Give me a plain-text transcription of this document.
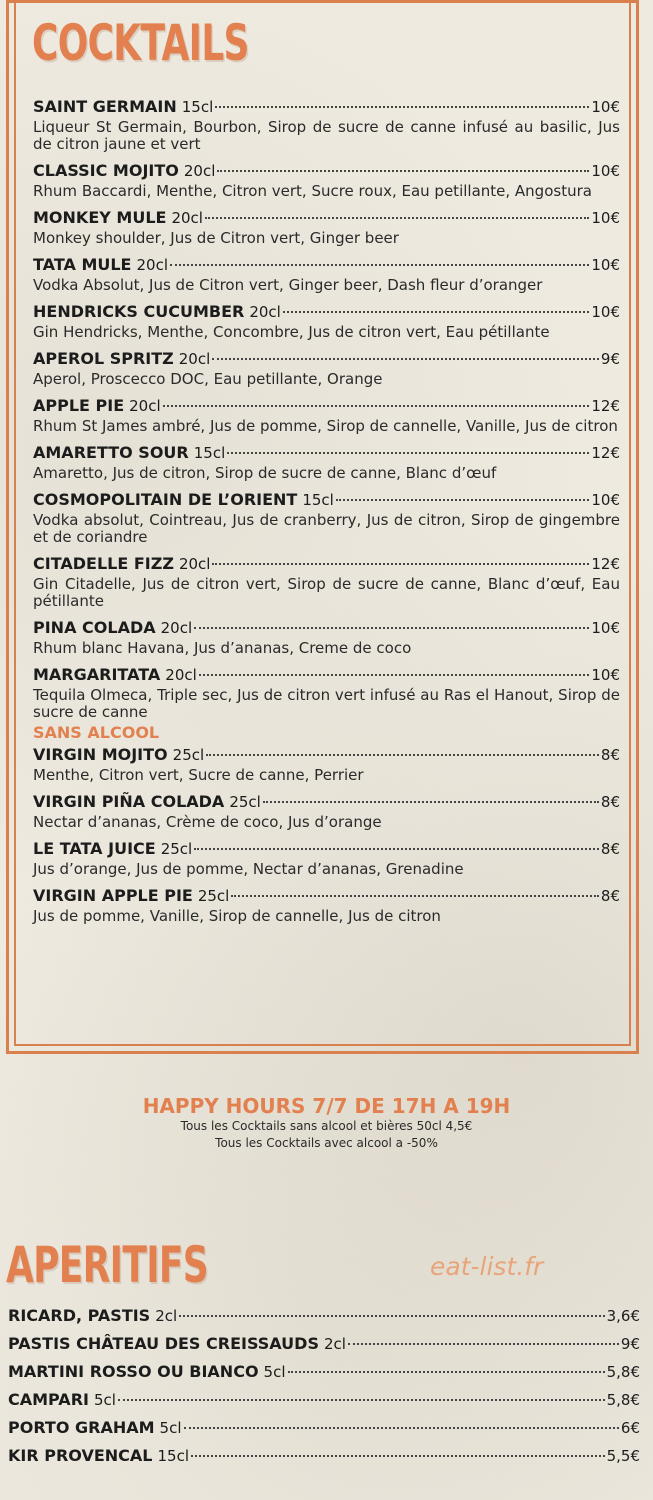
COCKTAILS
SAINT GERMAIN 15cl	10€
Liqueur St Germain, Bourbon, Sirop de sucre de canne infusé au basilic, Jus de citron jaune et vert
CLASSIC MOJITO 20cl	10€
Rhum Baccardi, Menthe, Citron vert, Sucre roux, Eau petillante, Angostura
MONKEY MULE 20cl	10€
Monkey shoulder, Jus de Citron vert, Ginger beer
TATA MULE 20cl	10€
Vodka Absolut, Jus de Citron vert, Ginger beer, Dash fleur d’oranger
HENDRICKS CUCUMBER 20cl	10€
Gin Hendricks, Menthe, Concombre, Jus de citron vert, Eau pétillante
APEROL SPRITZ 20cl	9€
Aperol, Proscecco DOC, Eau petillante, Orange
APPLE PIE 20cl	12€
Rhum St James ambré, Jus de pomme, Sirop de cannelle, Vanille, Jus de citron
AMARETTO SOUR 15cl	12€
Amaretto, Jus de citron, Sirop de sucre de canne, Blanc d’œuf
COSMOPOLITAIN DE L’ORIENT 15cl	10€
Vodka absolut, Cointreau, Jus de cranberry, Jus de citron, Sirop de gingembre et de coriandre
CITADELLE FIZZ 20cl	12€
Gin Citadelle, Jus de citron vert, Sirop de sucre de canne, Blanc d’œuf, Eau pétillante
PINA COLADA 20cl	10€
Rhum blanc Havana, Jus d’ananas, Creme de coco
MARGARITATA 20cl	10€
Tequila Olmeca, Triple sec, Jus de citron vert infusé au Ras el Hanout, Sirop de sucre de canne
SANS ALCOOL
VIRGIN MOJITO 25cl	8€
Menthe, Citron vert, Sucre de canne, Perrier
VIRGIN PIÑA COLADA 25cl	8€
Nectar d’ananas, Crème de coco, Jus d’orange
LE TATA JUICE 25cl	8€
Jus d’orange, Jus de pomme, Nectar d’ananas, Grenadine
VIRGIN APPLE PIE 25cl	8€
Jus de pomme, Vanille, Sirop de cannelle, Jus de citron
HAPPY HOURS 7/7 DE 17H A 19H
Tous les Cocktails sans alcool et bières 50cl 4,5€
Tous les Cocktails avec alcool a -50%
APERITIFS	eat-list.fr
RICARD, PASTIS 2cl	3,6€
PASTIS CHÂTEAU DES CREISSAUDS 2cl	9€
MARTINI ROSSO OU BIANCO 5cl	5,8€
CAMPARI 5cl	5,8€
PORTO GRAHAM 5cl	6€
KIR PROVENCAL 15cl	5,5€
